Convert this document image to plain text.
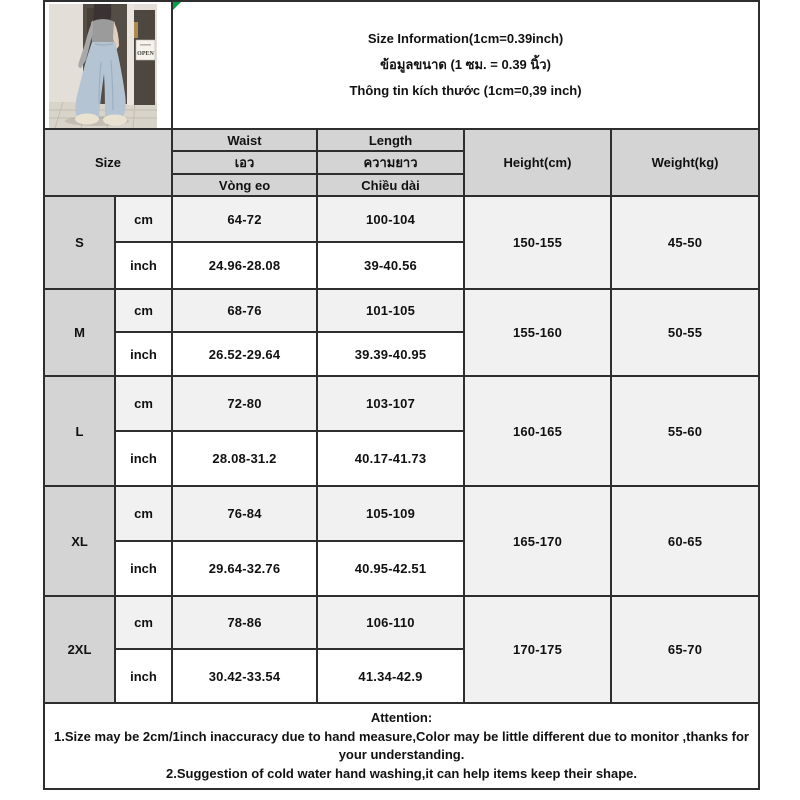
OPEN		Size Information(1cm=0.39inch)
ข้อมูลขนาด (1 ซม. = 0.39 นิ้ว)
Thông tin kích thước (1cm=0,39 inch)			

Size		Waist	Length	Height(cm)	Weight(kg)
		เอว	ความยาว		
		Vòng eo	Chiều dài		
S	cm	64-72	100-104	150-155	45-50
	inch	24.96-28.08	39-40.56		
M	cm	68-76	101-105	155-160	50-55
	inch	26.52-29.64	39.39-40.95		
L	cm	72-80	103-107	160-165	55-60
	inch	28.08-31.2	40.17-41.73		
XL	cm	76-84	105-109	165-170	60-65
	inch	29.64-32.76	40.95-42.51		
2XL	cm	78-86	106-110	170-175	65-70
	inch	30.42-33.54	41.34-42.9		

Attention:
1.Size may be 2cm/1inch inaccuracy due to hand measure,Color may be little different due to monitor ,thanks for your understanding.
2.Suggestion of cold water hand washing,it can help items keep their shape.					
